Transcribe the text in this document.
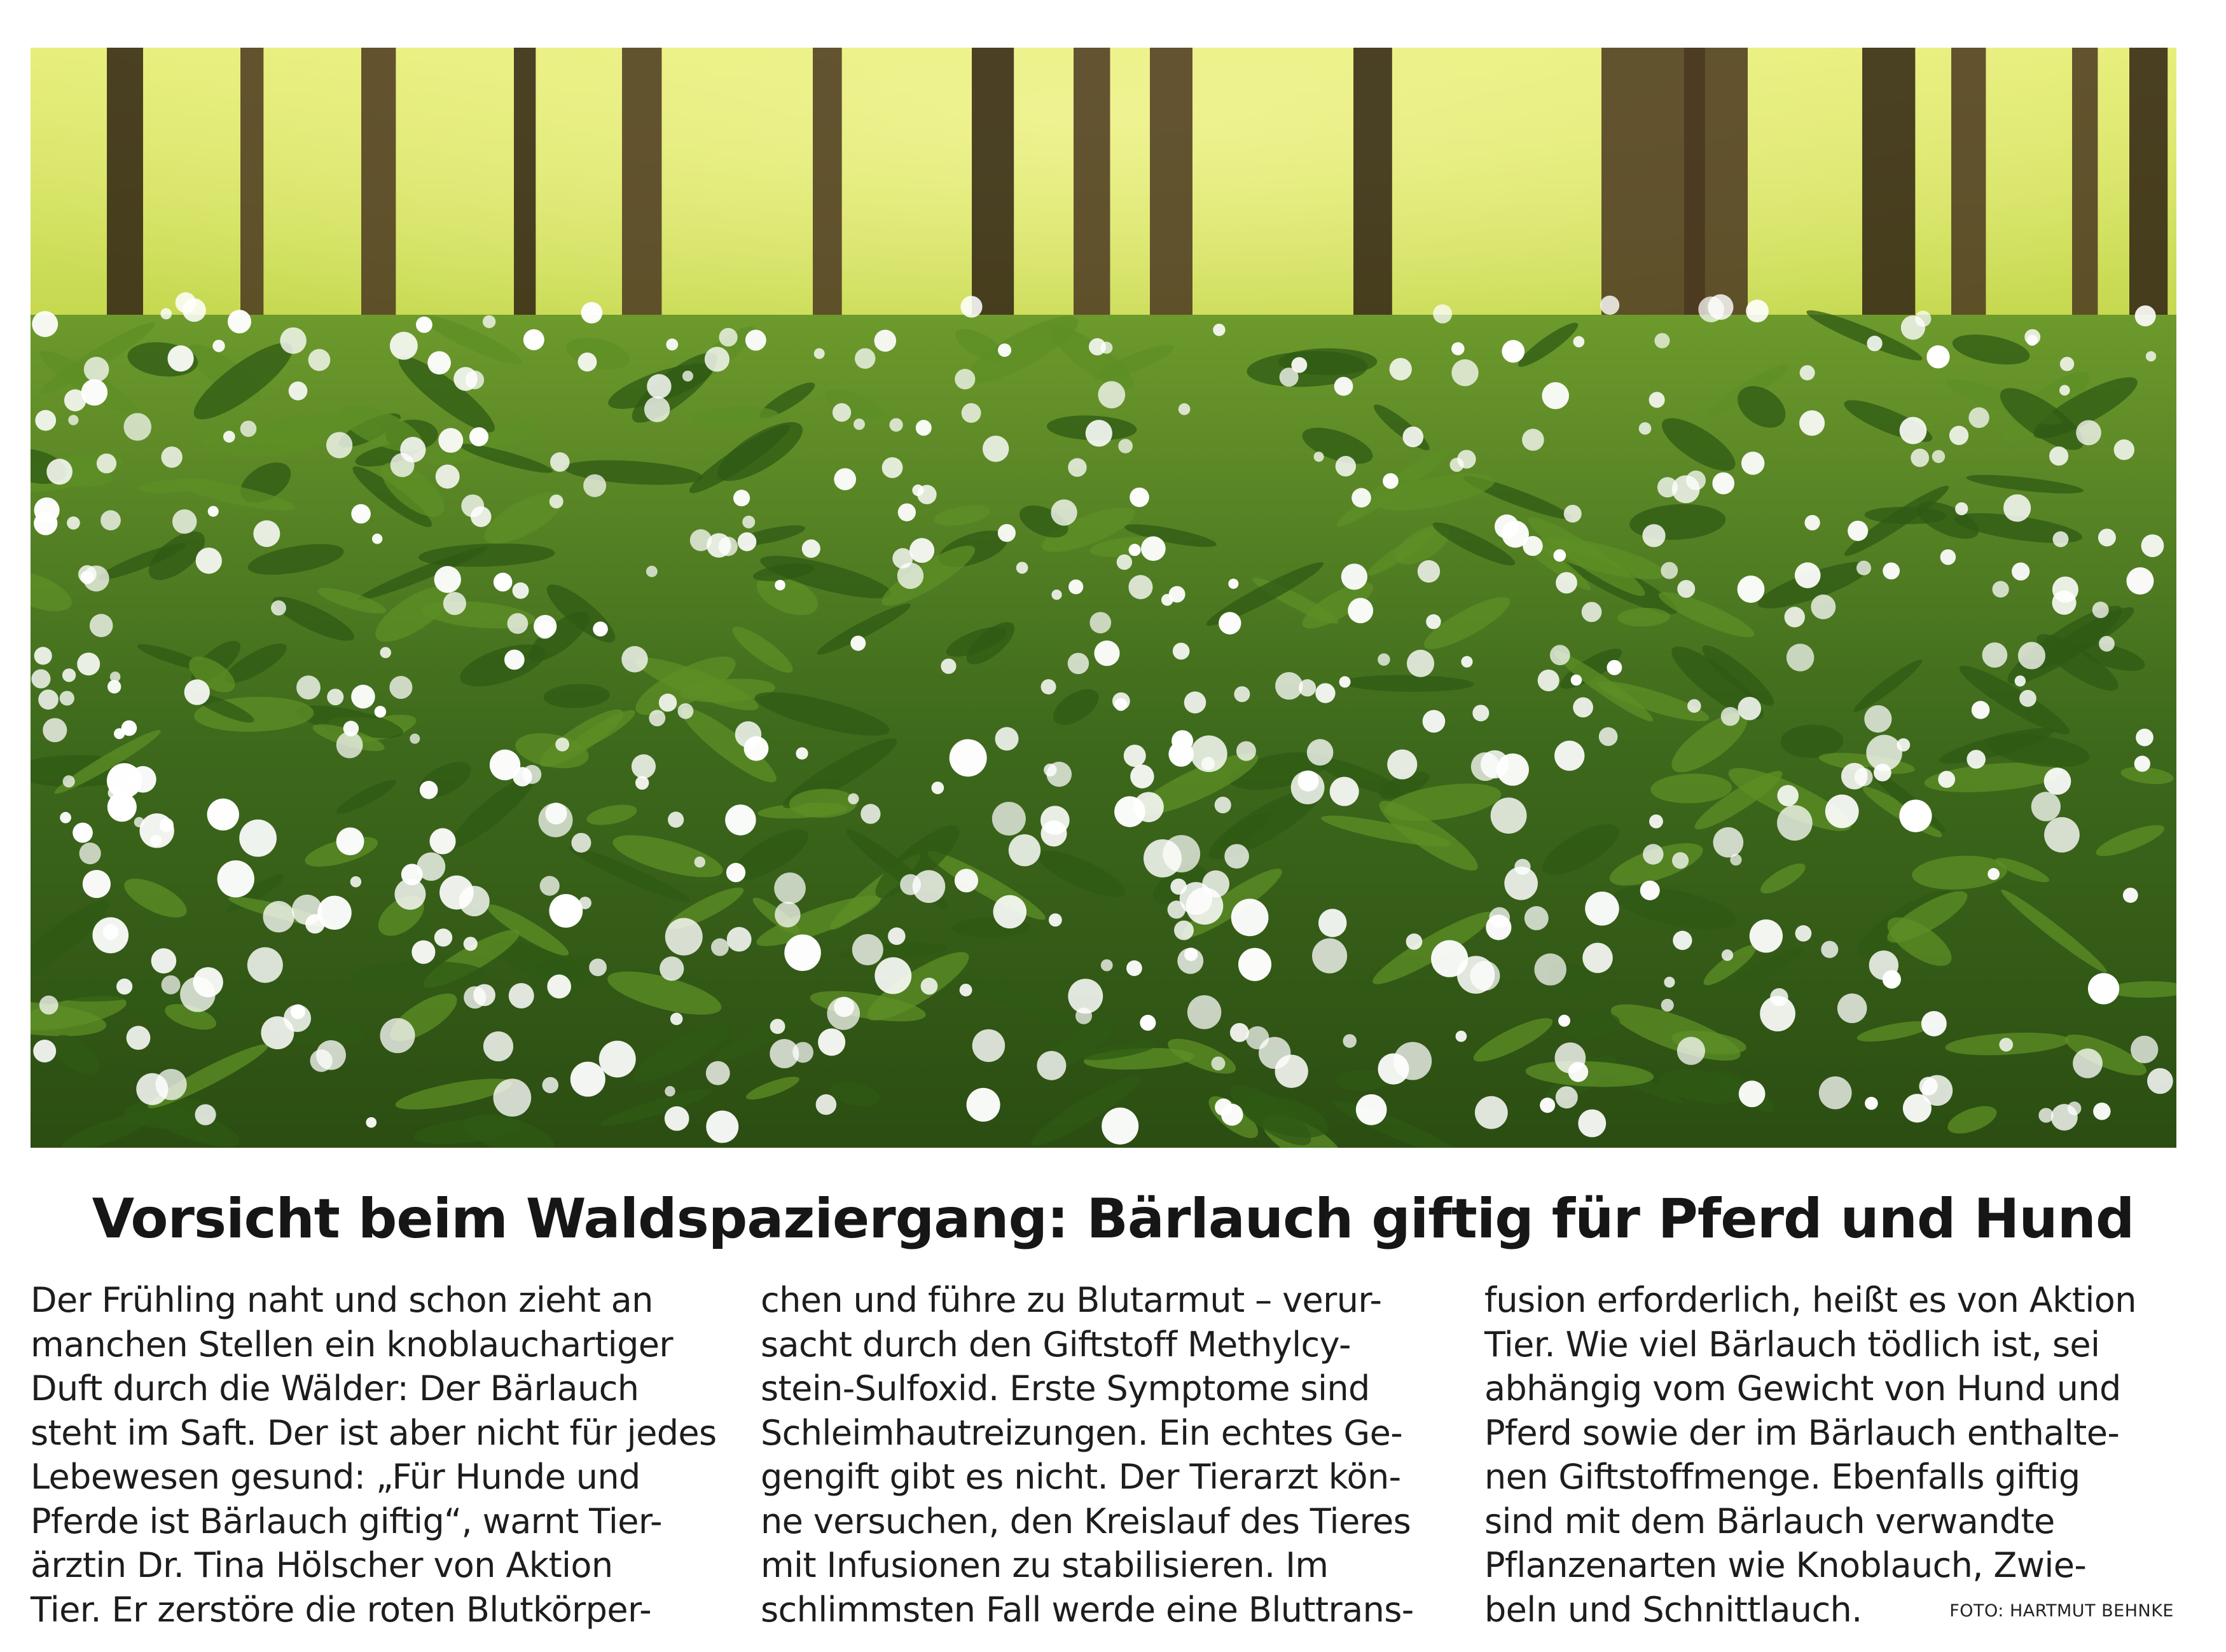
Vorsicht beim Waldspaziergang: Bärlauch giftig für Pferd und Hund
Der Frühling naht und schon zieht an
manchen Stellen ein knoblauchartiger
Duft durch die Wälder: Der Bärlauch
steht im Saft. Der ist aber nicht für jedes
Lebewesen gesund: „Für Hunde und
Pferde ist Bärlauch giftig“, warnt Tier-
ärztin Dr. Tina Hölscher von Aktion
Tier. Er zerstöre die roten Blutkörper-
chen und führe zu Blutarmut – verur-
sacht durch den Giftstoff Methylcy-
stein-Sulfoxid. Erste Symptome sind
Schleimhautreizungen. Ein echtes Ge-
gengift gibt es nicht. Der Tierarzt kön-
ne versuchen, den Kreislauf des Tieres
mit Infusionen zu stabilisieren. Im
schlimmsten Fall werde eine Bluttrans-
fusion erforderlich, heißt es von Aktion
Tier. Wie viel Bärlauch tödlich ist, sei
abhängig vom Gewicht von Hund und
Pferd sowie der im Bärlauch enthalte-
nen Giftstoffmenge. Ebenfalls giftig
sind mit dem Bärlauch verwandte
Pflanzenarten wie Knoblauch, Zwie-
beln und Schnittlauch.	FOTO: HARTMUT BEHNKE
